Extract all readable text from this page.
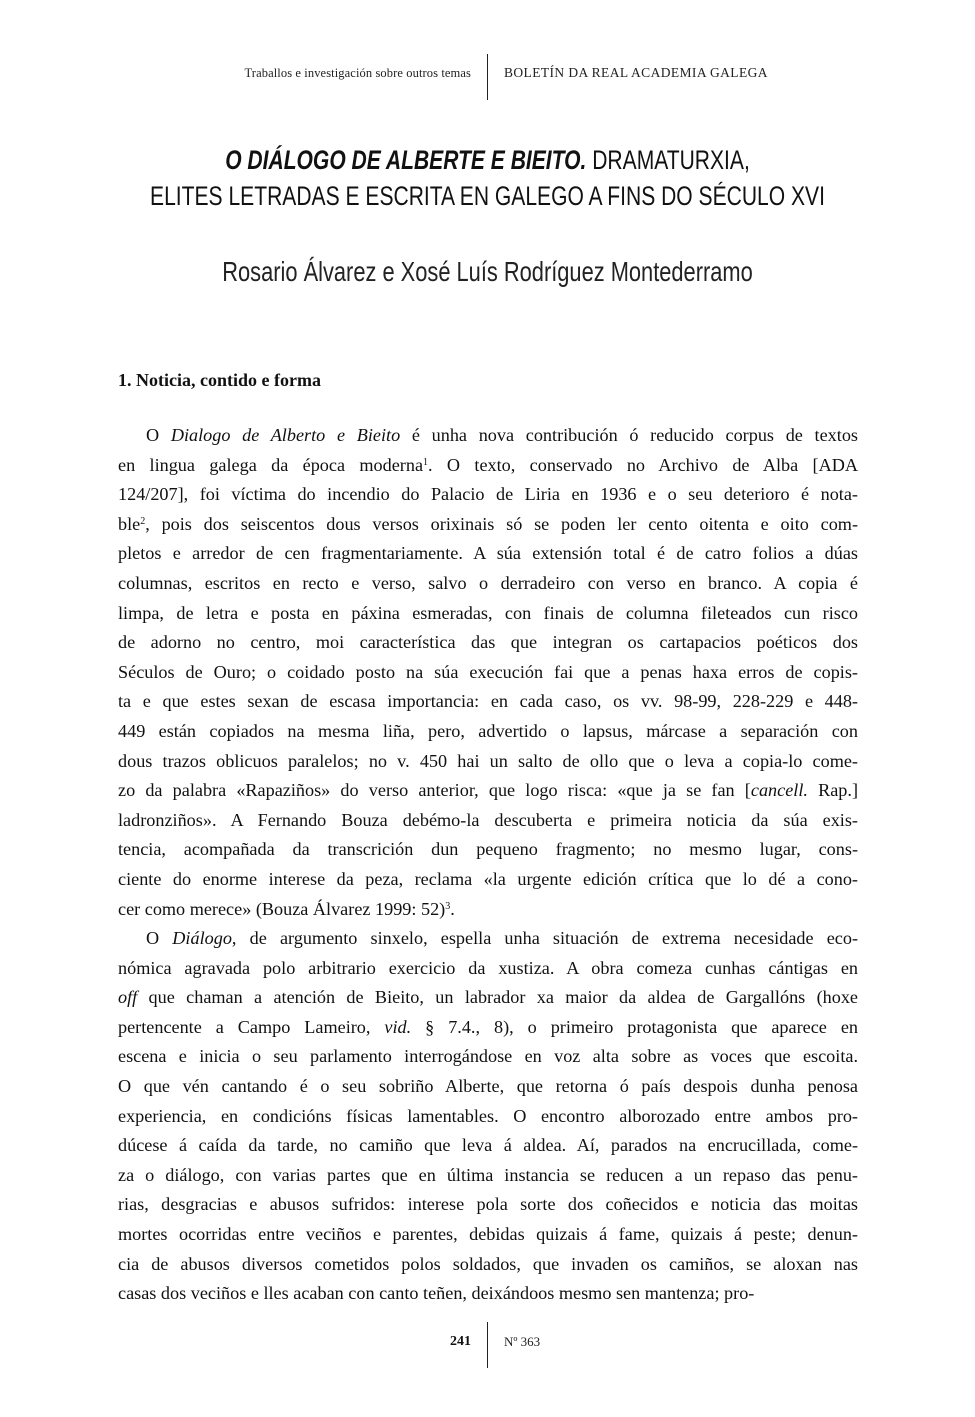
Traballos e investigación sobre outros temas BOLETÍN DA REAL ACADEMIA GALEGA
O DIÁLOGO DE ALBERTE E BIEITO. DRAMATURXIA,
ELITES LETRADAS E ESCRITA EN GALEGO A FINS DO SÉCULO XVI
Rosario Álvarez e Xosé Luís Rodríguez Montederramo
1. Noticia, contido e forma
O Dialogo de Alberto e Bieito é unha nova contribución ó reducido corpus de textos
en lingua galega da época moderna$^1$. O texto, conservado no Archivo de Alba [ADA
124/207], foi víctima do incendio do Palacio de Liria en 1936 e o seu deterioro é nota-
ble$^2$, pois dos seiscentos dous versos orixinais só se poden ler cento oitenta e oito com-
pletos e arredor de cen fragmentariamente. A súa extensión total é de catro folios a dúas
columnas, escritos en recto e verso, salvo o derradeiro con verso en branco. A copia é
limpa, de letra e posta en páxina esmeradas, con finais de columna fileteados cun risco
de adorno no centro, moi característica das que integran os cartapacios poéticos dos
Séculos de Ouro; o coidado posto na súa execución fai que a penas haxa erros de copis-
ta e que estes sexan de escasa importancia: en cada caso, os vv. 98-99, 228-229 e 448-
449 están copiados na mesma liña, pero, advertido o lapsus, márcase a separación con
dous trazos oblicuos paralelos; no v. 450 hai un salto de ollo que o leva a copia-lo come-
zo da palabra «Rapaziños» do verso anterior, que logo risca: «que ja se fan [cancell. Rap.]
ladronziños». A Fernando Bouza debémo-la descuberta e primeira noticia da súa exis-
tencia, acompañada da transcrición dun pequeno fragmento; no mesmo lugar, cons-
ciente do enorme interese da peza, reclama «la urgente edición crítica que lo dé a cono-
cer como merece» (Bouza Álvarez 1999: 52)$^3$.
O Diálogo, de argumento sinxelo, espella unha situación de extrema necesidade eco-
nómica agravada polo arbitrario exercicio da xustiza. A obra comeza cunhas cántigas en
off que chaman a atención de Bieito, un labrador xa maior da aldea de Gargallóns (hoxe
pertencente a Campo Lameiro, vid. § 7.4., 8), o primeiro protagonista que aparece en
escena e inicia o seu parlamento interrogándose en voz alta sobre as voces que escoita.
O que vén cantando é o seu sobriño Alberte, que retorna ó país despois dunha penosa
experiencia, en condicións físicas lamentables. O encontro alborozado entre ambos pro-
dúcese á caída da tarde, no camiño que leva á aldea. Aí, parados na encrucillada, come-
za o diálogo, con varias partes que en última instancia se reducen a un repaso das penu-
rias, desgracias e abusos sufridos: interese pola sorte dos coñecidos e noticia das moitas
mortes ocorridas entre veciños e parentes, debidas quizais á fame, quizais á peste; denun-
cia de abusos diversos cometidos polos soldados, que invaden os camiños, se aloxan nas
casas dos veciños e lles acaban con canto teñen, deixándoos mesmo sen mantenza; pro-
241	Nº 363
